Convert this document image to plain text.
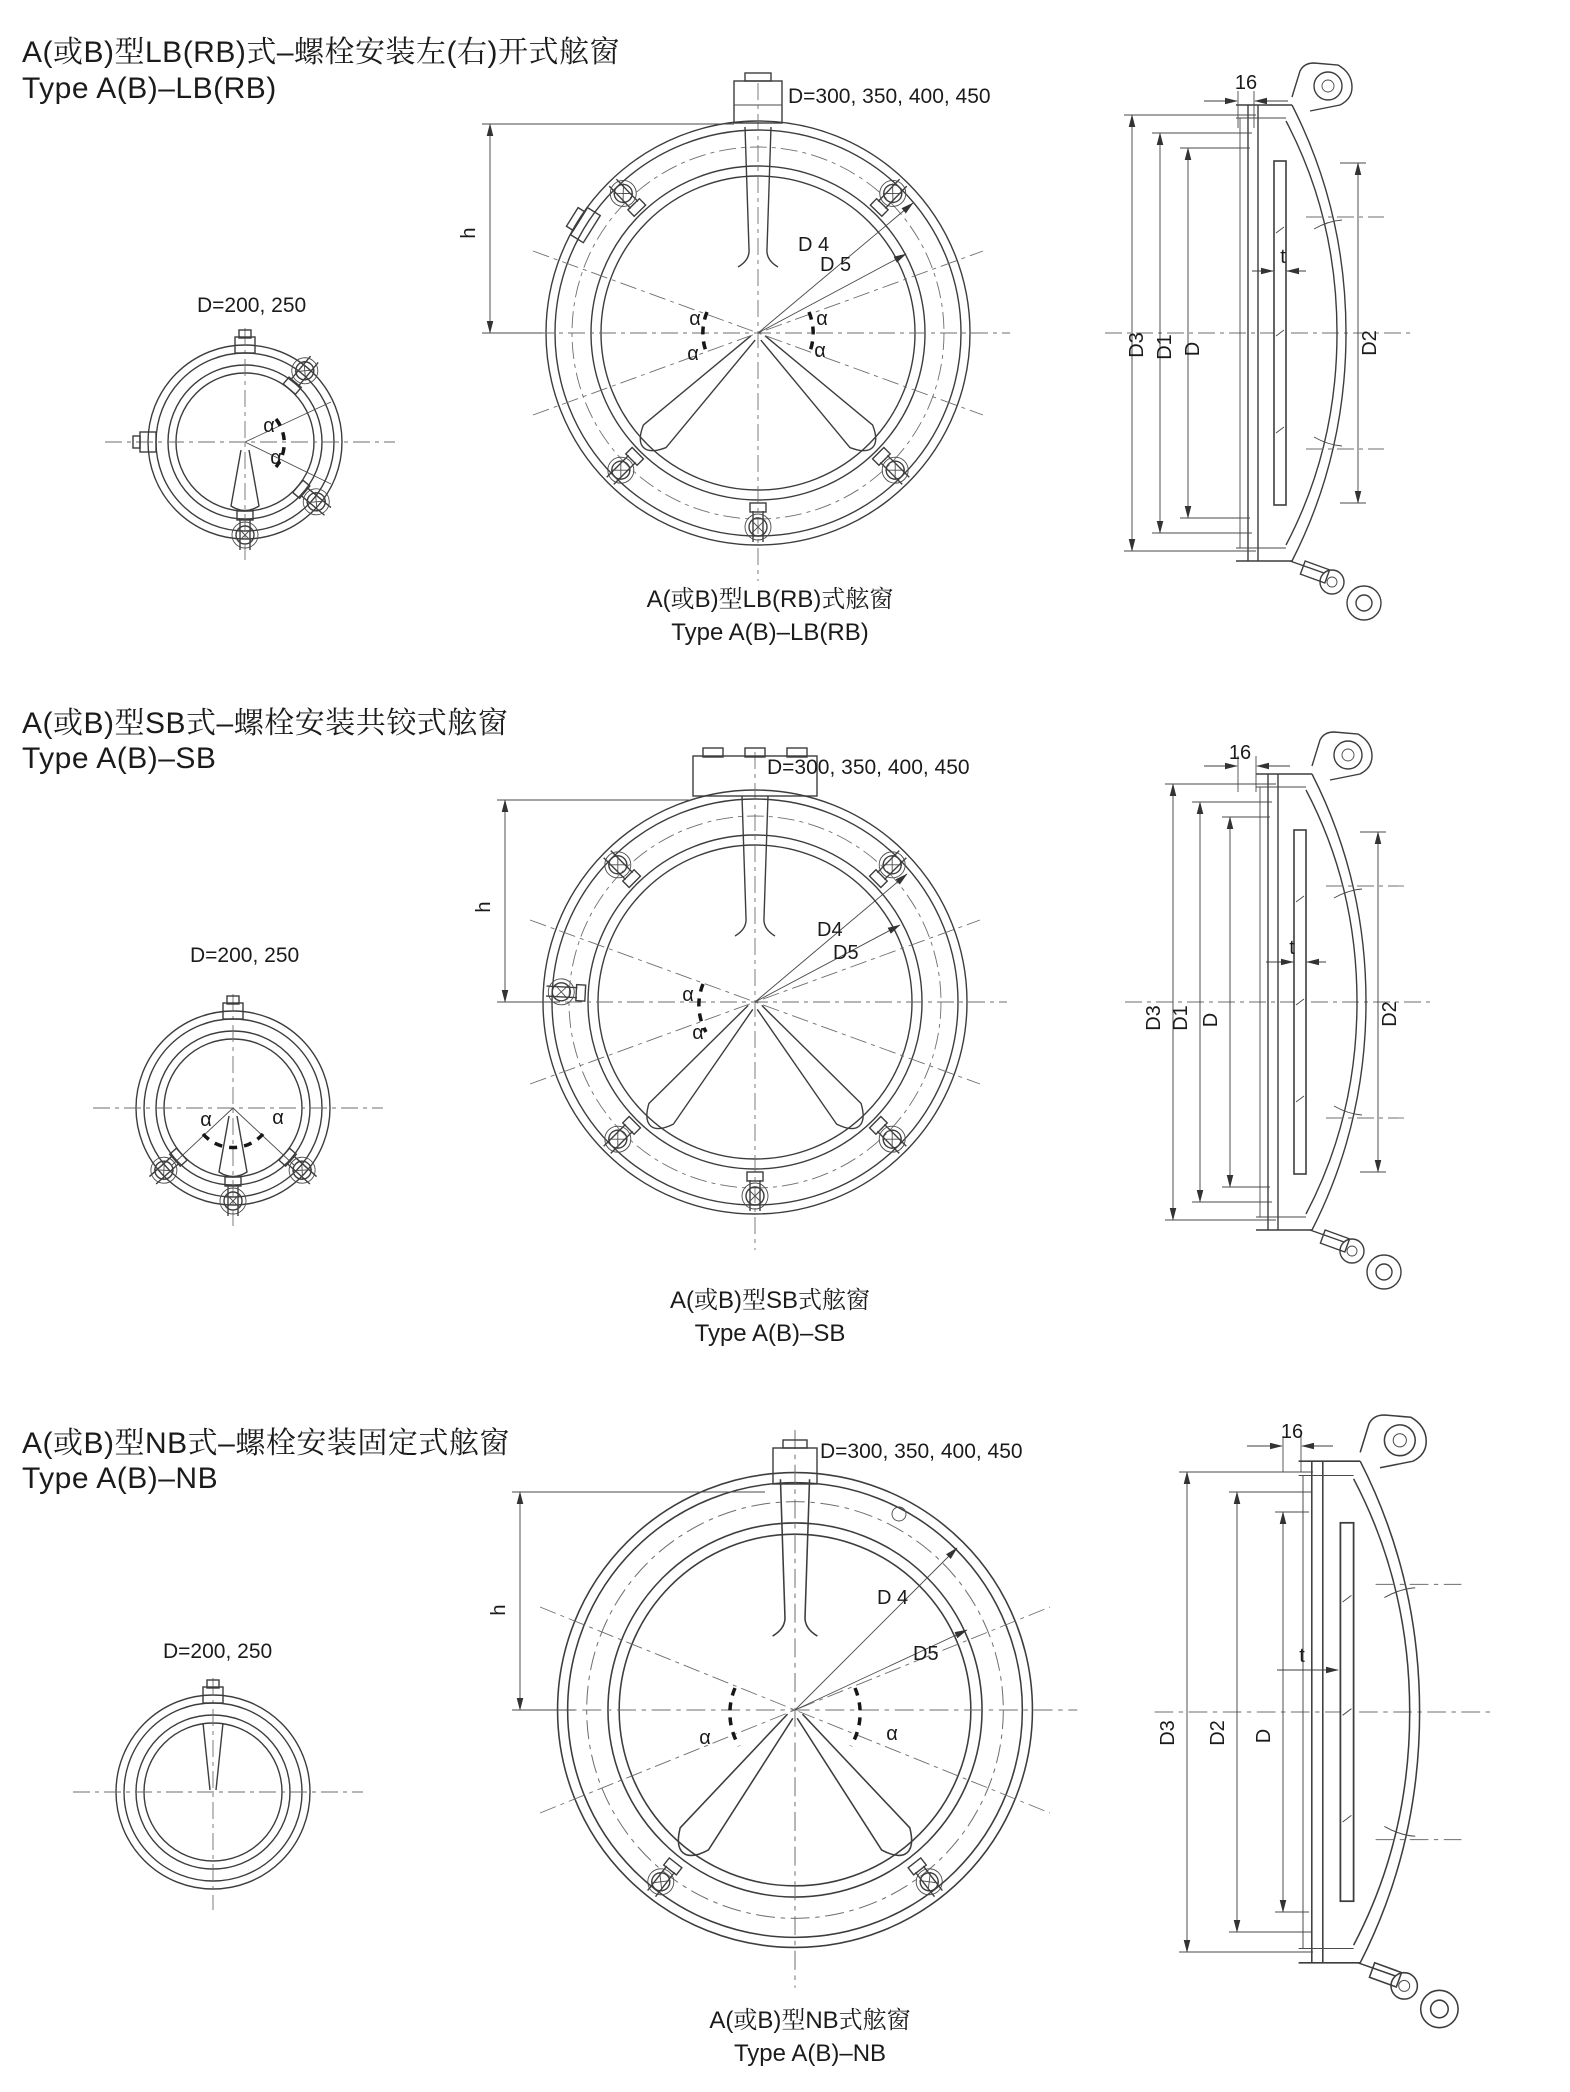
A(或B)型LB(RB)式–螺栓安装左(右)开式舷窗
Type A(B)–LB(RB)
D=200, 250
α
α
D=300, 350, 400, 450
h
D 4
D 5
α
α
α
α	D3 D1 D	D2
t
16
A(或B)型LB(RB)式舷窗
Type A(B)–LB(RB)
A(或B)型SB式–螺栓安装共铰式舷窗
Type A(B)–SB
D=200, 250
α	α
D=300, 350, 400, 450
h
D4
D5
α
α
D3 D1 D	D2
t
16
A(或B)型SB式舷窗
Type A(B)–SB
A(或B)型NB式–螺栓安装固定式舷窗
Type A(B)–NB
D=200, 250
D=300, 350, 400, 450
h
D 4
D5
α	α	D3 D2 D
t
16
A(或B)型NB式舷窗
Type A(B)–NB
